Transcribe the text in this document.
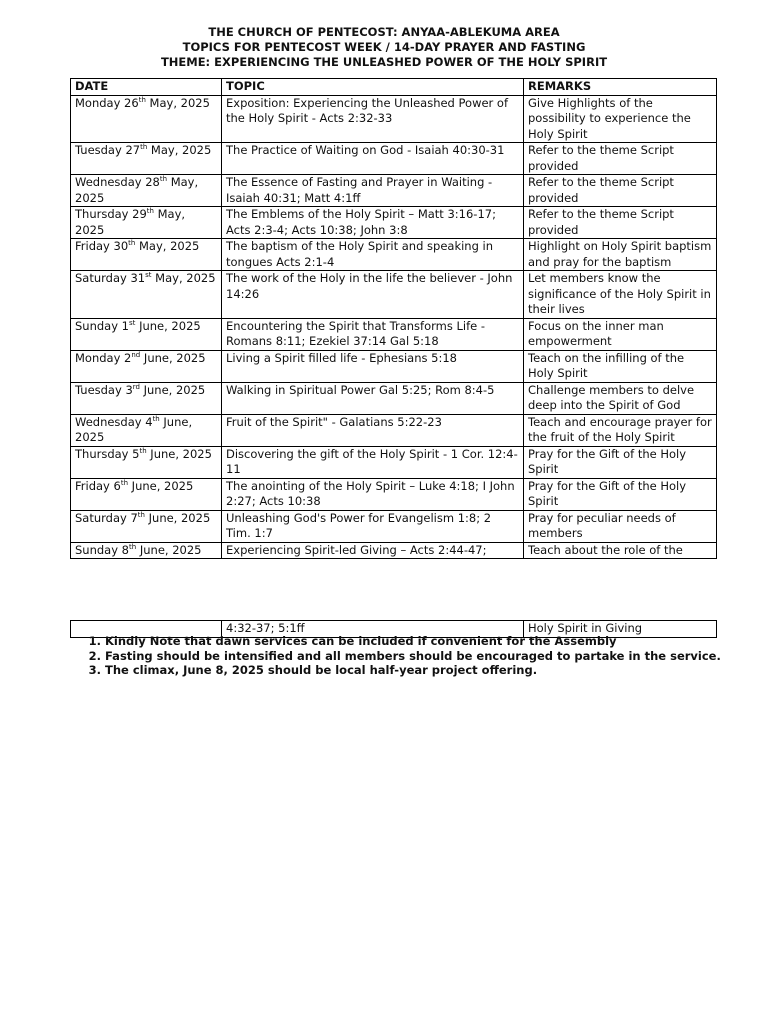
THE CHURCH OF PENTECOST: ANYAA-ABLEKUMA AREA
TOPICS FOR PENTECOST WEEK / 14-DAY PRAYER AND FASTING
THEME: EXPERIENCING THE UNLEASHED POWER OF THE HOLY SPIRIT
DATE	TOPIC	REMARKS
Monday 26th May, 2025	Exposition: Experiencing the Unleashed Power of the Holy Spirit - Acts 2:32-33	Give Highlights of the possibility to experience the Holy Spirit
Tuesday 27th May, 2025	The Practice of Waiting on God - Isaiah 40:30-31	Refer to the theme Script provided
Wednesday 28th May, 2025	The Essence of Fasting and Prayer in Waiting - Isaiah 40:31; Matt 4:1ff	Refer to the theme Script provided
Thursday 29th May, 2025	The Emblems of the Holy Spirit – Matt 3:16-17; Acts 2:3-4; Acts 10:38; John 3:8	Refer to the theme Script provided
Friday 30th May, 2025	The baptism of the Holy Spirit and speaking in tongues Acts 2:1-4	Highlight on Holy Spirit baptism and pray for the baptism
Saturday 31st May, 2025	The work of the Holy in the life the believer - John 14:26	Let members know the significance of the Holy Spirit in their lives
Sunday 1st June, 2025	Encountering the Spirit that Transforms Life - Romans 8:11; Ezekiel 37:14 Gal 5:18	Focus on the inner man empowerment
Monday 2nd June, 2025	Living a Spirit filled life - Ephesians 5:18	Teach on the infilling of the Holy Spirit
Tuesday 3rd June, 2025	Walking in Spiritual Power Gal 5:25; Rom 8:4-5	Challenge members to delve deep into the Spirit of God
Wednesday 4th June, 2025	Fruit of the Spirit" - Galatians 5:22-23	Teach and encourage prayer for the fruit of the Holy Spirit
Thursday 5th June, 2025	Discovering the gift of the Holy Spirit - 1 Cor. 12:4-11	Pray for the Gift of the Holy Spirit
Friday 6th June, 2025	The anointing of the Holy Spirit – Luke 4:18; I John 2:27; Acts 10:38	Pray for the Gift of the Holy Spirit
Saturday 7th June, 2025	Unleashing God's Power for Evangelism 1:8; 2 Tim. 1:7	Pray for peculiar needs of members
Sunday 8th June, 2025	Experiencing Spirit-led Giving – Acts 2:44-47;	Teach about the role of the
	4:32-37; 5:1ff	Holy Spirit in Giving
1. Kindly Note that dawn services can be included if convenient for the Assembly
2. Fasting should be intensified and all members should be encouraged to partake in the service.
3. The climax, June 8, 2025 should be local half-year project offering.
